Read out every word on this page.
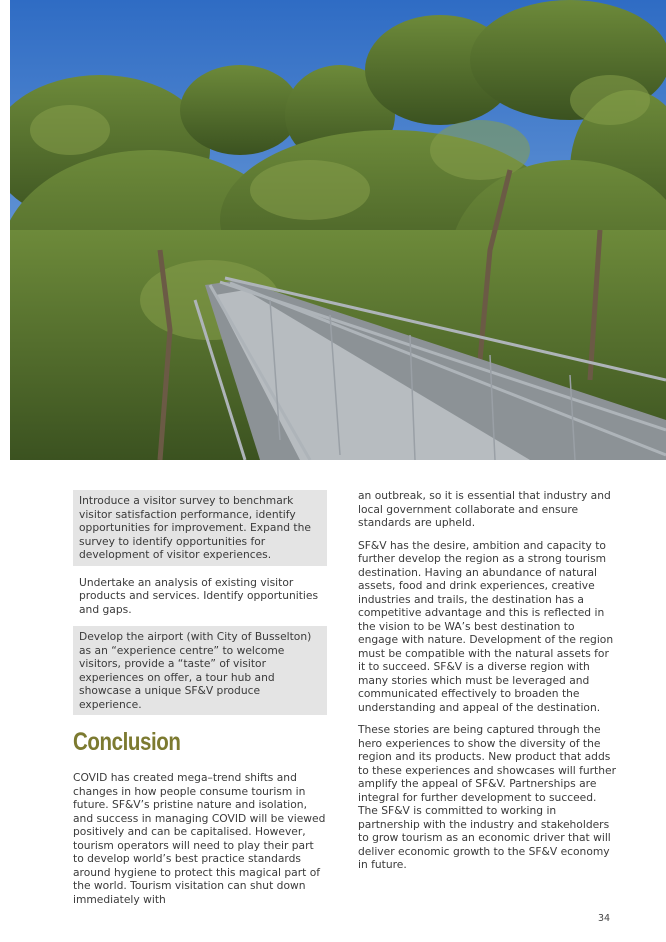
Introduce a visitor survey to benchmark visitor satisfaction performance, identify opportunities for improvement. Expand the survey to identify opportunities for development of visitor experiences.
Undertake an analysis of existing visitor products and services. Identify opportunities and gaps.
Develop the airport (with City of Busselton) as an “experience centre” to welcome visitors, provide a “taste” of visitor experiences on offer, a tour hub and showcase a unique SF&V produce experience.
Conclusion

COVID has created mega–trend shifts and changes in how people consume tourism in future. SF&V’s pristine nature and isolation, and success in managing COVID will be viewed positively and can be capitalised. However, tourism operators will need to play their part to develop world’s best practice standards around hygiene to protect this magical part of the world. Tourism visitation can shut down immediately with

an outbreak, so it is essential that industry and local government collaborate and ensure standards are upheld.

SF&V has the desire, ambition and capacity to further develop the region as a strong tourism destination. Having an abundance of natural assets, food and drink experiences, creative industries and trails, the destination has a competitive advantage and this is reflected in the vision to be WA’s best destination to engage with nature. Development of the region must be compatible with the natural assets for it to succeed. SF&V is a diverse region with many stories which must be leveraged and communicated effectively to broaden the understanding and appeal of the destination.

These stories are being captured through the hero experiences to show the diversity of the region and its products. New product that adds to these experiences and showcases will further amplify the appeal of SF&V. Partnerships are integral for further development to succeed. The SF&V is committed to working in partnership with the industry and stakeholders to grow tourism as an economic driver that will deliver economic growth to the SF&V economy in future.

34
